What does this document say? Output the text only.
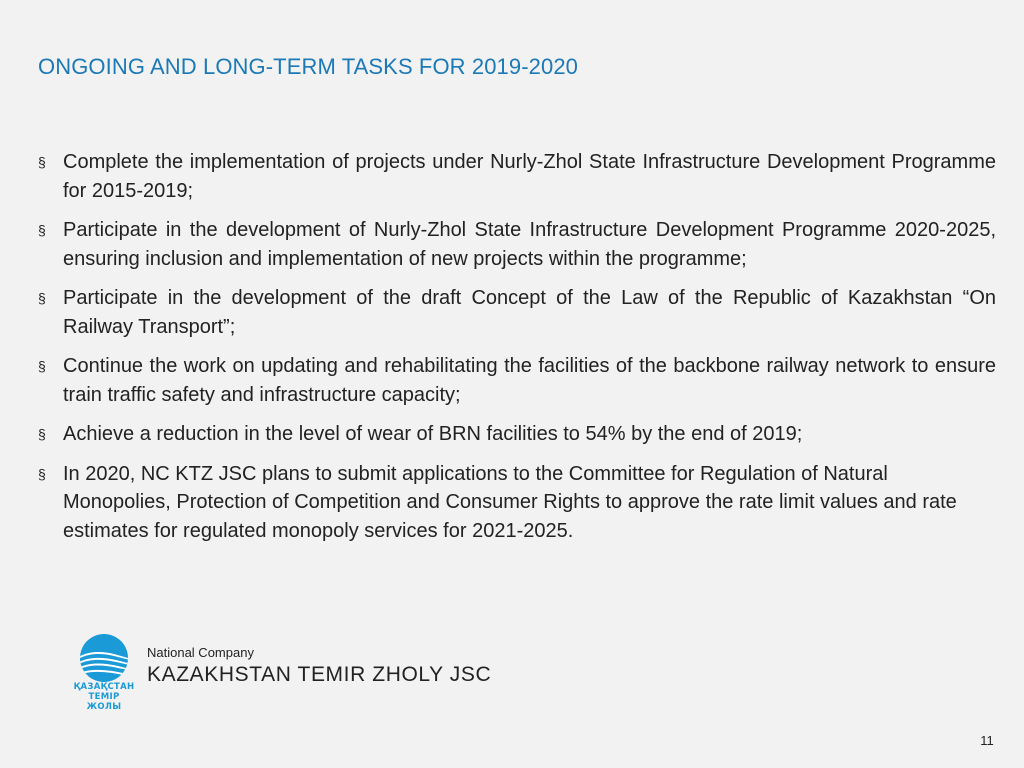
ONGOING AND LONG-TERM TASKS FOR 2019-2020
§ Complete the implementation of projects under Nurly-Zhol State Infrastructure Development Programme for 2015-2019;
§ Participate in the development of Nurly-Zhol State Infrastructure Development Programme 2020-2025, ensuring inclusion and implementation of new projects within the programme;
§ Participate in the development of the draft Concept of the Law of the Republic of Kazakhstan “On Railway Transport”;
§ Continue the work on updating and rehabilitating the facilities of the backbone railway network to ensure train traffic safety and infrastructure capacity;
§ Achieve a reduction in the level of wear of BRN facilities to 54% by the end of 2019;
§ In 2020, NC KTZ JSC plans to submit applications to the Committee for Regulation of Natural Monopolies, Protection of Competition and Consumer Rights to approve the rate limit values and rate estimates for regulated monopoly services for 2021-2025.
ҚАЗАҚСТАН
ТЕМІР
ЖОЛЫ
National Company
KAZAKHSTAN TEMIR ZHOLY JSC
11
